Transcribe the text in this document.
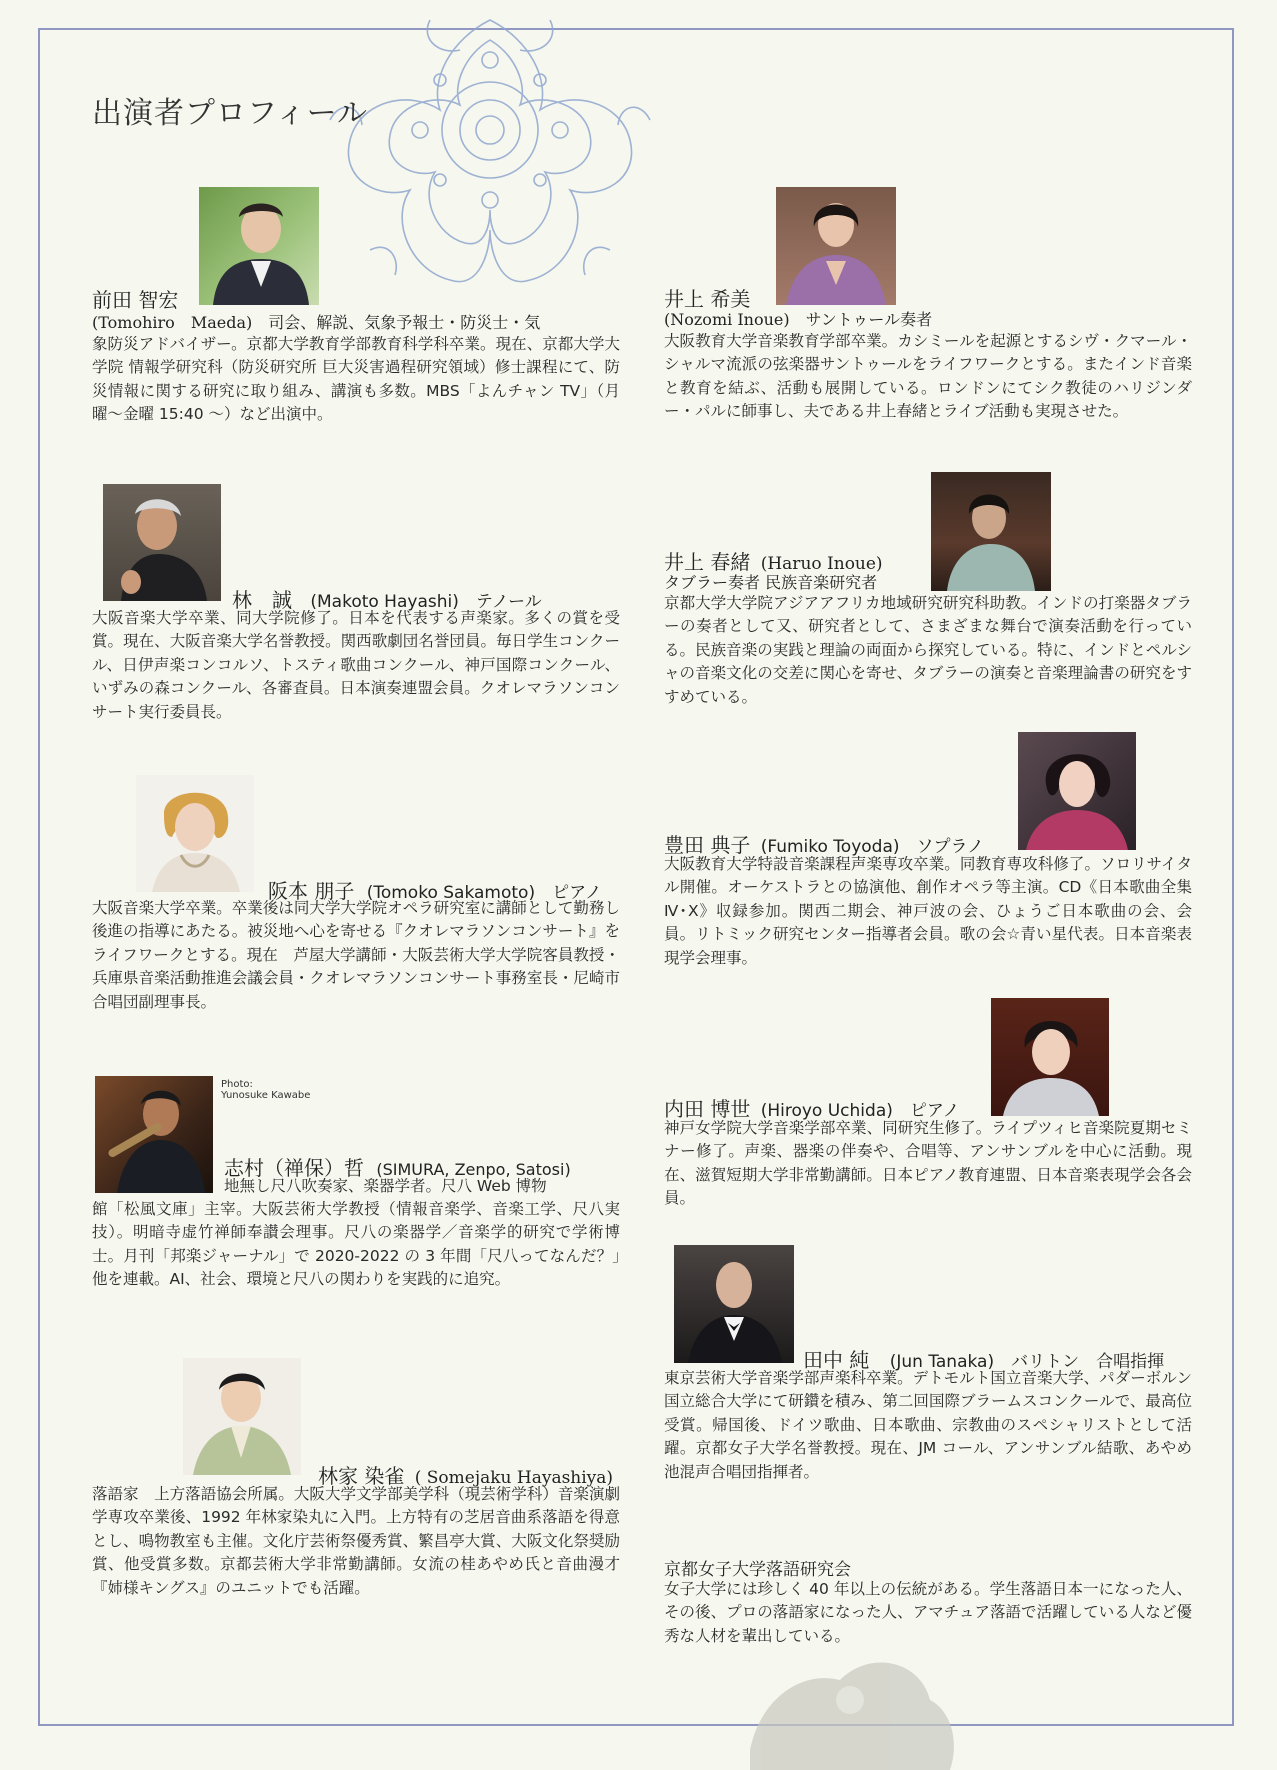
出演者プロフィール
前田 智宏
(Tomohiro　Maeda)　司会、解説、気象予報士・防災士・気
象防災アドバイザー。京都大学教育学部教育科学科卒業。現在、京都大学大学院 情報学研究科（防災研究所 巨大災害過程研究領域）修士課程にて、防災情報に関する研究に取り組み、講演も多数。MBS「よんチャン TV」（月曜〜金曜 15:40 〜）など出演中。
林　誠 (Makoto Hayashi)　テノール
大阪音楽大学卒業、同大学院修了。日本を代表する声楽家。多くの賞を受賞。現在、大阪音楽大学名誉教授。関西歌劇団名誉団員。毎日学生コンクール、日伊声楽コンコルソ、トスティ歌曲コンクール、神戸国際コンクール、いずみの森コンクール、各審査員。日本演奏連盟会員。クオレマラソンコンサート実行委員長。
阪本 朋子 (Tomoko Sakamoto)　ピアノ
大阪音楽大学卒業。卒業後は同大学大学院オペラ研究室に講師として勤務し後進の指導にあたる。被災地へ心を寄せる『クオレマラソンコンサート』をライフワークとする。現在　芦屋大学講師・大阪芸術大学大学院客員教授・兵庫県音楽活動推進会議会員・クオレマラソンコンサート事務室長・尼崎市合唱団副理事長。
Photo:
Yunosuke Kawabe
志村（禅保）哲 (SIMURA, Zenpo, Satosi)
地無し尺八吹奏家、楽器学者。尺八 Web 博物
館「松風文庫」主宰。大阪芸術大学教授（情報音楽学、音楽工学、尺八実技）。明暗寺虚竹禅師奉讃会理事。尺八の楽器学／音楽学的研究で学術博士。月刊「邦楽ジャーナル」で 2020-2022 の 3 年間「尺八ってなんだ？」他を連載。AI、社会、環境と尺八の関わりを実践的に追究。
林家 染雀 ( Somejaku Hayashiya)
落語家　上方落語協会所属。大阪大学文学部美学科（現芸術学科）音楽演劇学専攻卒業後、1992 年林家染丸に入門。上方特有の芝居音曲系落語を得意とし、鳴物教室も主催。文化庁芸術祭優秀賞、繁昌亭大賞、大阪文化祭奨励賞、他受賞多数。京都芸術大学非常勤講師。女流の桂あやめ氏と音曲漫才『姉様キングス』のユニットでも活躍。
井上 希美
(Nozomi Inoue)　サントゥール奏者
大阪教育大学音楽教育学部卒業。カシミールを起源とするシヴ・クマール・シャルマ流派の弦楽器サントゥールをライフワークとする。またインド音楽と教育を結ぶ、活動も展開している。ロンドンにてシク教徒のハリジンダー・パルに師事し、夫である井上春緒とライブ活動も実現させた。
井上 春緒 (Haruo Inoue)
タブラー奏者 民族音楽研究者
京都大学大学院アジアアフリカ地域研究研究科助教。インドの打楽器タブラーの奏者として又、研究者として、さまざまな舞台で演奏活動を行っている。民族音楽の実践と理論の両面から探究している。特に、インドとペルシャの音楽文化の交差に関心を寄せ、タブラーの演奏と音楽理論書の研究をすすめている。
豊田 典子 (Fumiko Toyoda)　ソプラノ
大阪教育大学特設音楽課程声楽専攻卒業。同教育専攻科修了。ソロリサイタル開催。オーケストラとの協演他、創作オペラ等主演。CD《日本歌曲全集Ⅳ･Ⅹ》収録参加。関西二期会、神戸波の会、ひょうご日本歌曲の会、会員。リトミック研究センター指導者会員。歌の会☆青い星代表。日本音楽表現学会理事。
内田 博世 (Hiroyo Uchida)　ピアノ
神戸女学院大学音楽学部卒業、同研究生修了。ライプツィヒ音楽院夏期セミナー修了。声楽、器楽の伴奏や、合唱等、アンサンブルを中心に活動。現在、滋賀短期大学非常勤講師。日本ピアノ教育連盟、日本音楽表現学会各会員。
田中 純 (Jun Tanaka)　バリトン　合唱指揮
東京芸術大学音楽学部声楽科卒業。デトモルト国立音楽大学、パダーボルン国立総合大学にて研鑽を積み、第二回国際ブラームスコンクールで、最高位受賞。帰国後、ドイツ歌曲、日本歌曲、宗教曲のスペシャリストとして活躍。京都女子大学名誉教授。現在、JM コール、アンサンブル結歌、あやめ池混声合唱団指揮者。
京都女子大学落語研究会
女子大学には珍しく 40 年以上の伝統がある。学生落語日本一になった人、その後、プロの落語家になった人、アマチュア落語で活躍している人など優秀な人材を輩出している。
